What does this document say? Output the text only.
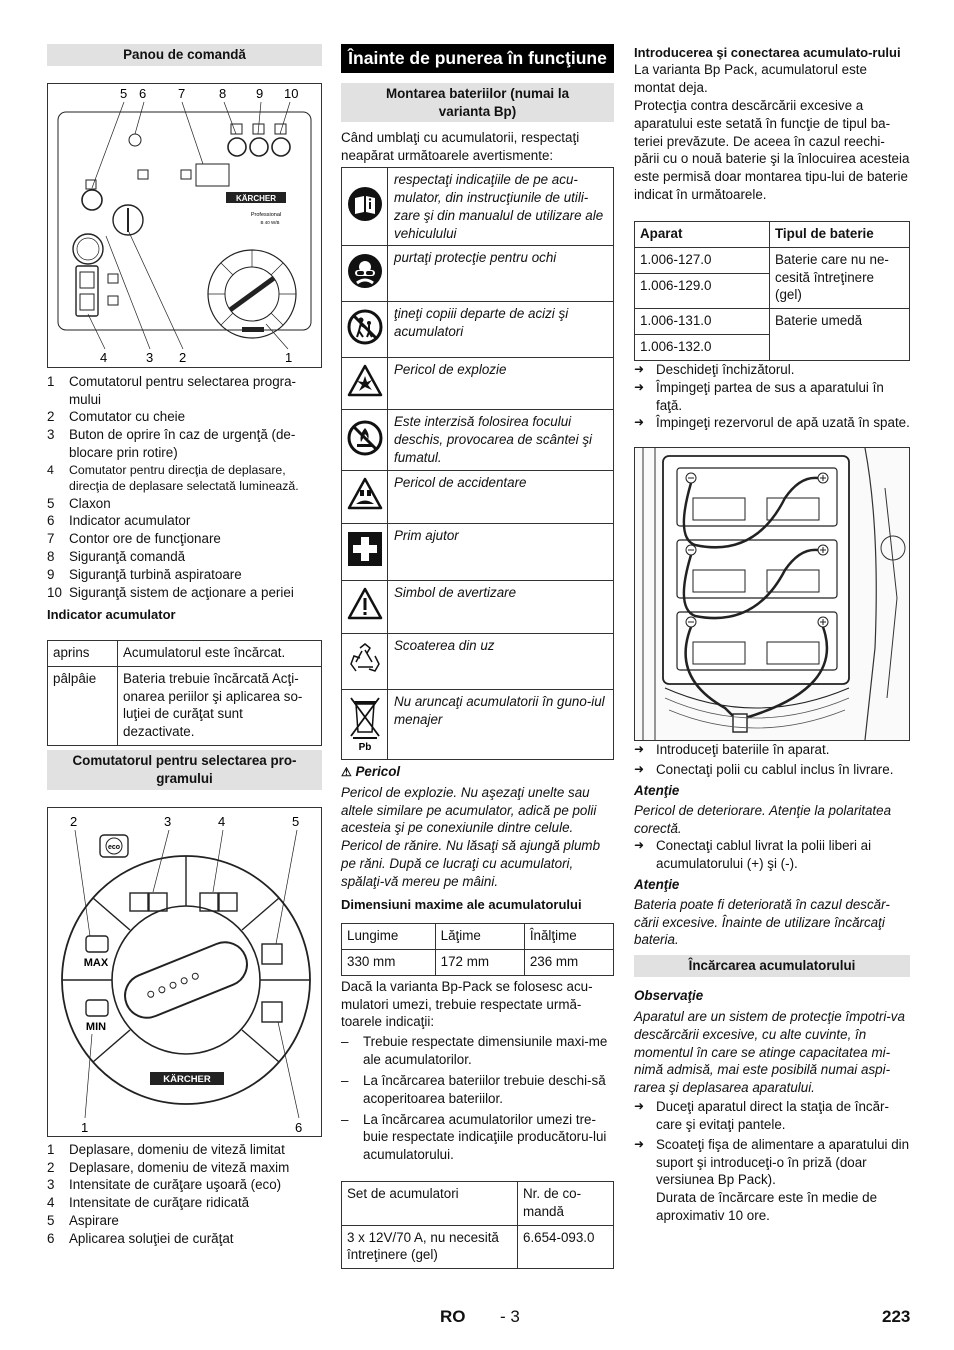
Panou de comandă
5 6 7	8 9 10
KÄRCHER
Professional
B 40 W/B
4	3 2	1
1	Comutatorul pentru selectarea progra-mului
2	Comutator cu cheie
3	Buton de oprire în caz de urgenţă (de-blocare prin rotire)
4	Comutator pentru direcţia de deplasare, direcţia de deplasare selectată luminează.
5	Claxon
6	Indicator acumulator
7	Contor ore de funcţionare
8	Siguranţă comandă
9	Siguranţă turbină aspiratoare
10 Siguranţă sistem de acţionare a periei
Indicator acumulator
aprins	Acumulatorul este încărcat.
pâlpâie	Bateria trebuie încărcată Acţi-onarea periilor şi aplicarea so-luţiei de curăţat sunt dezactivate.
Comutatorul pentru selectarea pro-gramului
2	3	4	5
1	6
eco
MAX
MIN
KÄRCHER
1	Deplasare, domeniu de viteză limitat
2	Deplasare, domeniu de viteză maxim
3	Intensitate de curăţare uşoară (eco)
4	Intensitate de curăţare ridicată
5	Aspirare
6	Aplicarea soluţiei de curăţat
Înainte de punerea în funcţiune
Montarea bateriilor (numai la varianta Bp)

Când umblaţi cu acumulatorii, respectaţi neapărat următoarele avertismente:

	respectaţi indicaţiile de pe acu-mulator, din instrucţiunile de utili-zare şi din manualul de utilizare ale vehiculului
	purtaţi protecţie pentru ochi
	ţineţi copiii departe de acizi şi acumulatori
	Pericol de explozie
	Este interzisă folosirea focului deschis, provocarea de scântei şi fumatul.
	Pericol de accidentare
	Prim ajutor
	Simbol de avertizare
	Scoaterea din uz

Pb	Nu aruncaţi acumulatorii în guno-iul menajer
⚠ Pericol

Pericol de explozie. Nu aşezaţi unelte sau altele similare pe acumulator, adică pe polii acesteia şi pe conexiunile dintre celule. Pericol de rănire. Nu lăsaţi să ajungă plumb pe răni. După ce lucraţi cu acumulatori, spălaţi-vă mereu pe mâini.

Dimensiuni maxime ale acumulatorului
Lungime	Lăţime	Înălţime
330 mm	172 mm	236 mm

Dacă la varianta Bp-Pack se folosesc acu-mulatori umezi, trebuie respectate urmă-toarele indicaţii:

–	Trebuie respectate dimensiunile maxi-me ale acumulatorilor.
–	La încărcarea bateriilor trebuie deschi-să acoperitoarea bateriilor.
–	La încărcarea acumulatorilor umezi tre-buie respectate indicaţiile producătoru-lui acumulatorului.
Set de acumulatori	Nr. de co-mandă
3 x 12V/70 A, nu necesită întreţinere (gel)	6.654-093.0
Introducerea şi conectarea acumulato-rului

La varianta Bp Pack, acumulatorul este montat deja.
Protecţia contra descărcării excesive a aparatului este setată în funcţie de tipul ba-teriei prevăzute. De aceea în cazul reechi-pării cu o nouă baterie şi la înlocuirea acesteia este permisă doar montarea tipu-lui de baterie indicat în următoarele.

Aparat	Tipul de baterie
1.006-127.0	Baterie care nu ne-cesită întreţinere (gel)
1.006-129.0	
1.006-131.0	Baterie umedă
1.006-132.0	
➜ Deschideţi închizătorul.
➜ Împingeţi partea de sus a aparatului în faţă.
➜ Împingeţi rezervorul de apă uzată în spate.
➜ Introduceţi bateriile în aparat.
➜ Conectaţi polii cu cablul inclus în livrare.
Atenţie

Pericol de deteriorare. Atenţie la polaritatea corectă.

➜ Conectaţi cablul livrat la polii liberi ai acumulatorului (+) şi (-).
Atenţie

Bateria poate fi deteriorată în cazul descăr-cării excesive. Înainte de utilizare încărcaţi bateria.

Încărcarea acumulatorului
Observaţie

Aparatul are un sistem de protecţie împotri-va descărcării excesive, cu alte cuvinte, în momentul în care se atinge capacitatea mi-nimă admisă, mai este posibilă numai aspi-rarea şi deplasarea aparatului.

➜ Duceţi aparatul direct la staţia de încăr-care şi evitaţi pantele.
➜ Scoateţi fişa de alimentare a aparatului din suport şi introduceţi-o în priză (doar versiunea Bp Pack).

Durata de încărcare este în medie de aproximativ 10 ore.

RO - 3	223
